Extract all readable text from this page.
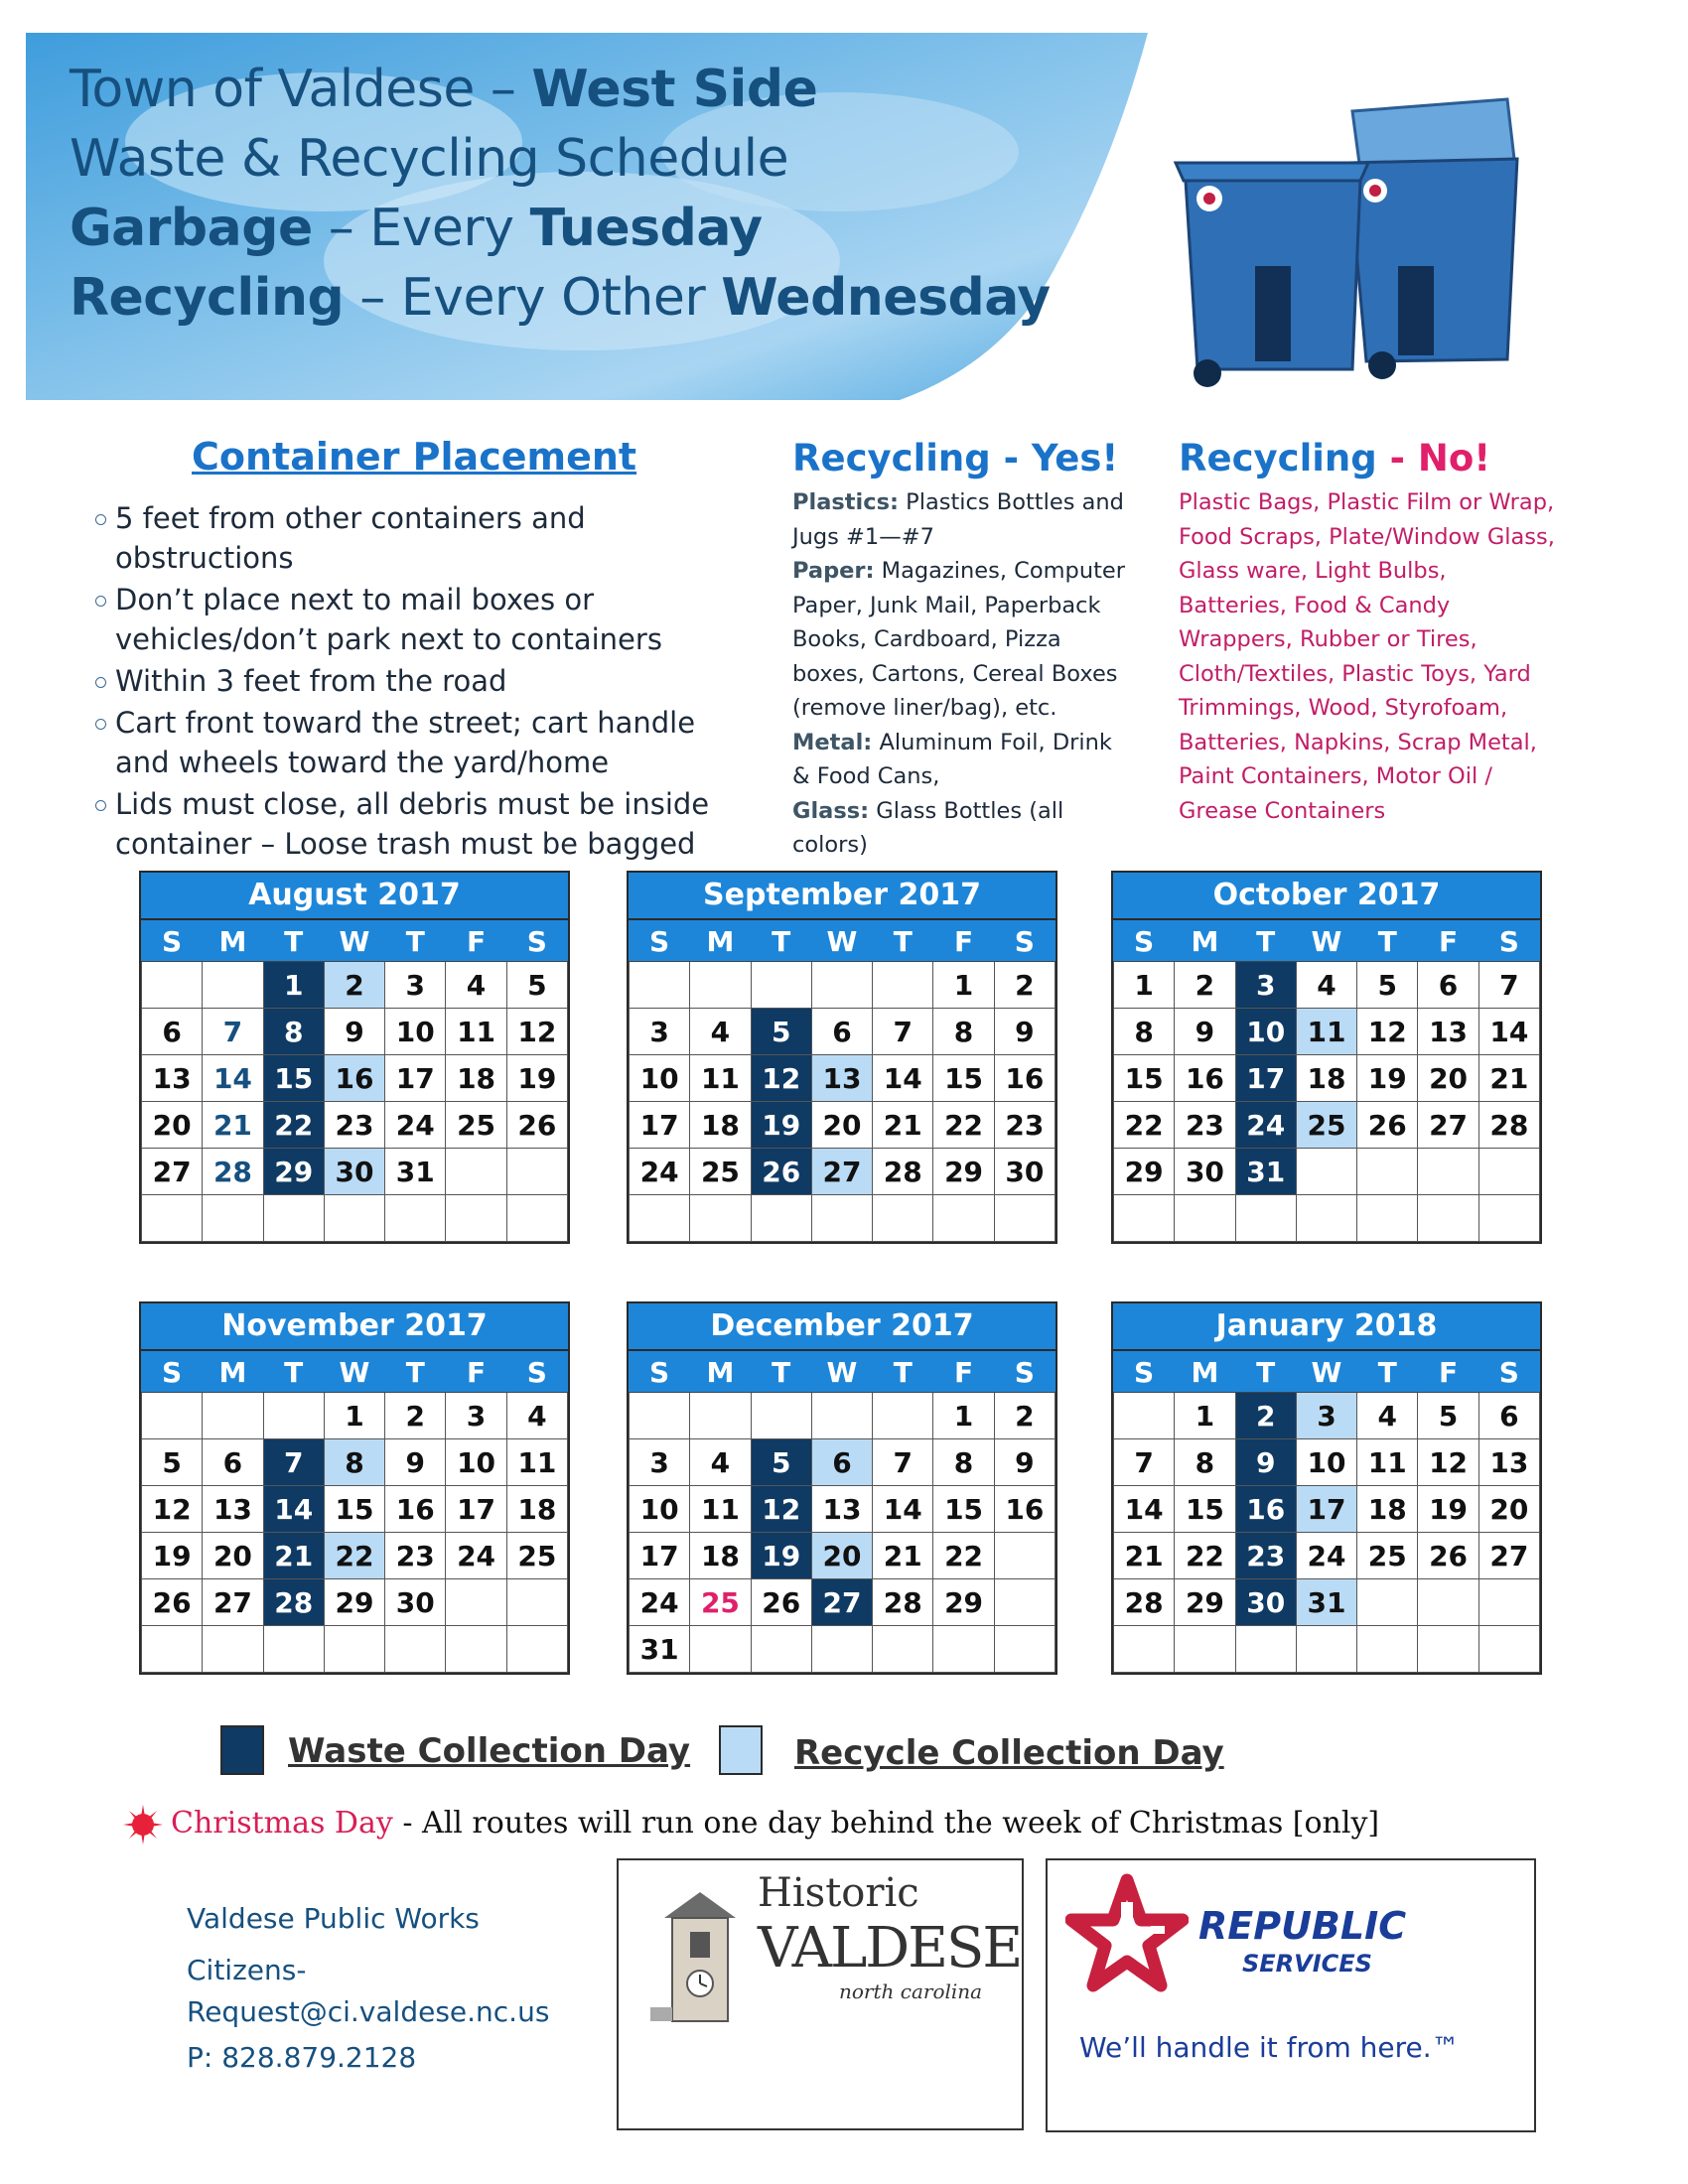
Town of Valdese – West Side
Waste & Recycling Schedule
Garbage – Every Tuesday
Recycling – Every Other Wednesday
Container Placement
5 feet from other containers and obstructions
Don’t place next to mail boxes or vehicles/don’t park next to containers
Within 3 feet from the road
Cart front toward the street; cart handle and wheels toward the yard/home
Lids must close, all debris must be inside container – Loose trash must be bagged
Recycling - Yes!

Plastics: Plastics Bottles and Jugs #1—#7
Paper: Magazines, Computer Paper, Junk Mail, Paperback Books, Cardboard, Pizza boxes, Cartons, Cereal Boxes (remove liner/bag), etc.
Metal: Aluminum Foil, Drink & Food Cans,
Glass: Glass Bottles (all colors)

Recycling - No!

Plastic Bags, Plastic Film or Wrap, Food Scraps, Plate/Window Glass, Glass ware, Light Bulbs, Batteries, Food & Candy Wrappers, Rubber or Tires, Cloth/Textiles, Plastic Toys, Yard Trimmings, Wood, Styrofoam, Batteries, Napkins, Scrap Metal, Paint Containers, Motor Oil / Grease Containers

August 2017
S	M	T	W	T	F	S
		1	2	3	4	5
6	7	8	9	10	11	12
13	14	15	16	17	18	19
20	21	22	23	24	25	26
27	28	29	30	31		

September 2017
S	M	T	W	T	F	S
					1	2
3	4	5	6	7	8	9
10	11	12	13	14	15	16
17	18	19	20	21	22	23
24	25	26	27	28	29	30

October 2017
S	M	T	W	T	F	S
1	2	3	4	5	6	7
8	9	10	11	12	13	14
15	16	17	18	19	20	21
22	23	24	25	26	27	28
29	30	31				

November 2017
S	M	T	W	T	F	S
			1	2	3	4
5	6	7	8	9	10	11
12	13	14	15	16	17	18
19	20	21	22	23	24	25
26	27	28	29	30		

December 2017
S	M	T	W	T	F	S
					1	2
3	4	5	6	7	8	9
10	11	12	13	14	15	16
17	18	19	20	21	22	
24	25	26	27	28	29	
31						
January 2018
S	M	T	W	T	F	S
	1	2	3	4	5	6
7	8	9	10	11	12	13
14	15	16	17	18	19	20
21	22	23	24	25	26	27
28	29	30	31			

Waste Collection Day	Recycle Collection Day
Christmas Day - All routes will run one day behind the week of Christmas [only]
Valdese Public Works
Citizens-
Request@ci.valdese.nc.us
P: 828.879.2128
Historic
VALDESE
north carolina
REPUBLIC
SERVICES
We’ll handle it from here.™
